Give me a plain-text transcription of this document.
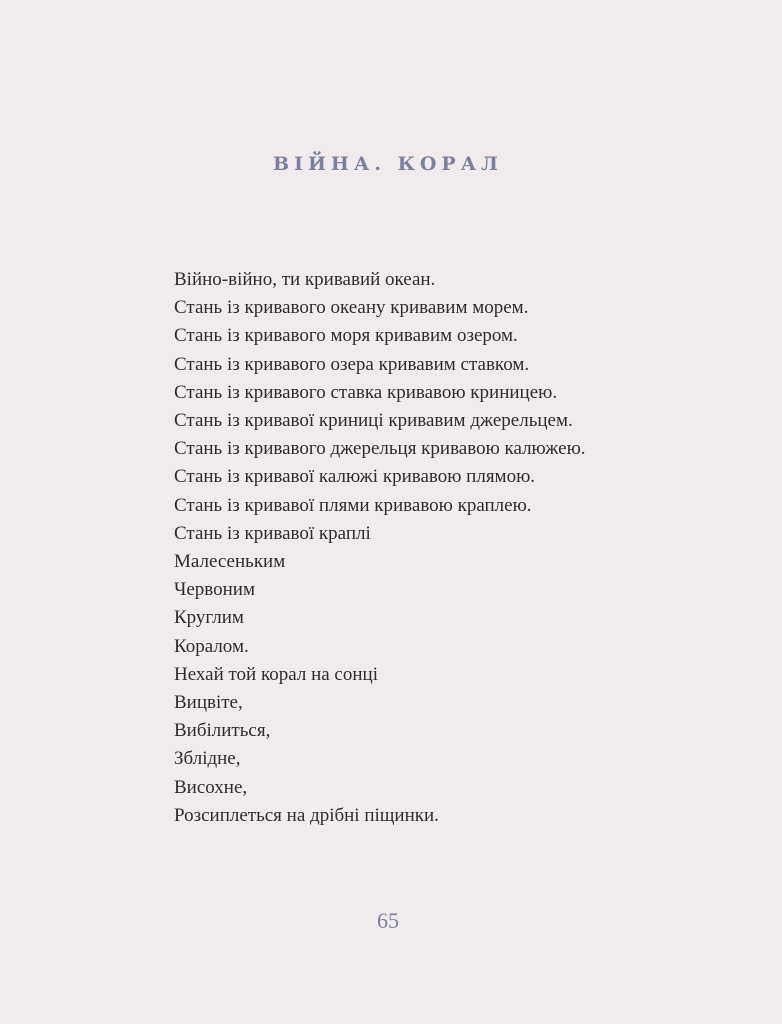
ВІЙНА. КОРАЛ
Війно-війно, ти кривавий океан.
Стань із кривавого океану кривавим морем.
Стань із кривавого моря кривавим озером.
Стань із кривавого озера кривавим ставком.
Стань із кривавого ставка кривавою криницею.
Стань із кривавої криниці кривавим джерельцем.
Стань із кривавого джерельця кривавою калюжею.
Стань із кривавої калюжі кривавою плямою.
Стань із кривавої плями кривавою краплею.
Стань із кривавої краплі
Малесеньким
Червоним
Круглим
Коралом.
Нехай той корал на сонці
Вицвіте,
Вибілиться,
Зблідне,
Висохне,
Розсиплеться на дрібні піщинки.
65
